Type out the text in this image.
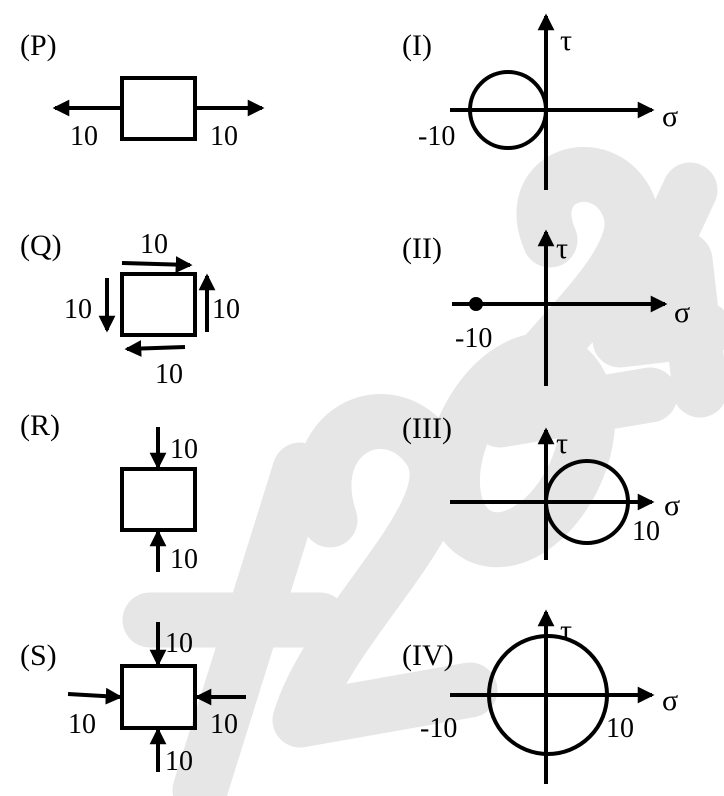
(P)
10	10
(Q)	10
10	10
10
(R)
10
10
(S)	10
10	10
10
(I)	τ
σ
-10
(II)	τ
σ
-10
(III)	τ
σ
10
(IV)
τ
σ
-10	10
